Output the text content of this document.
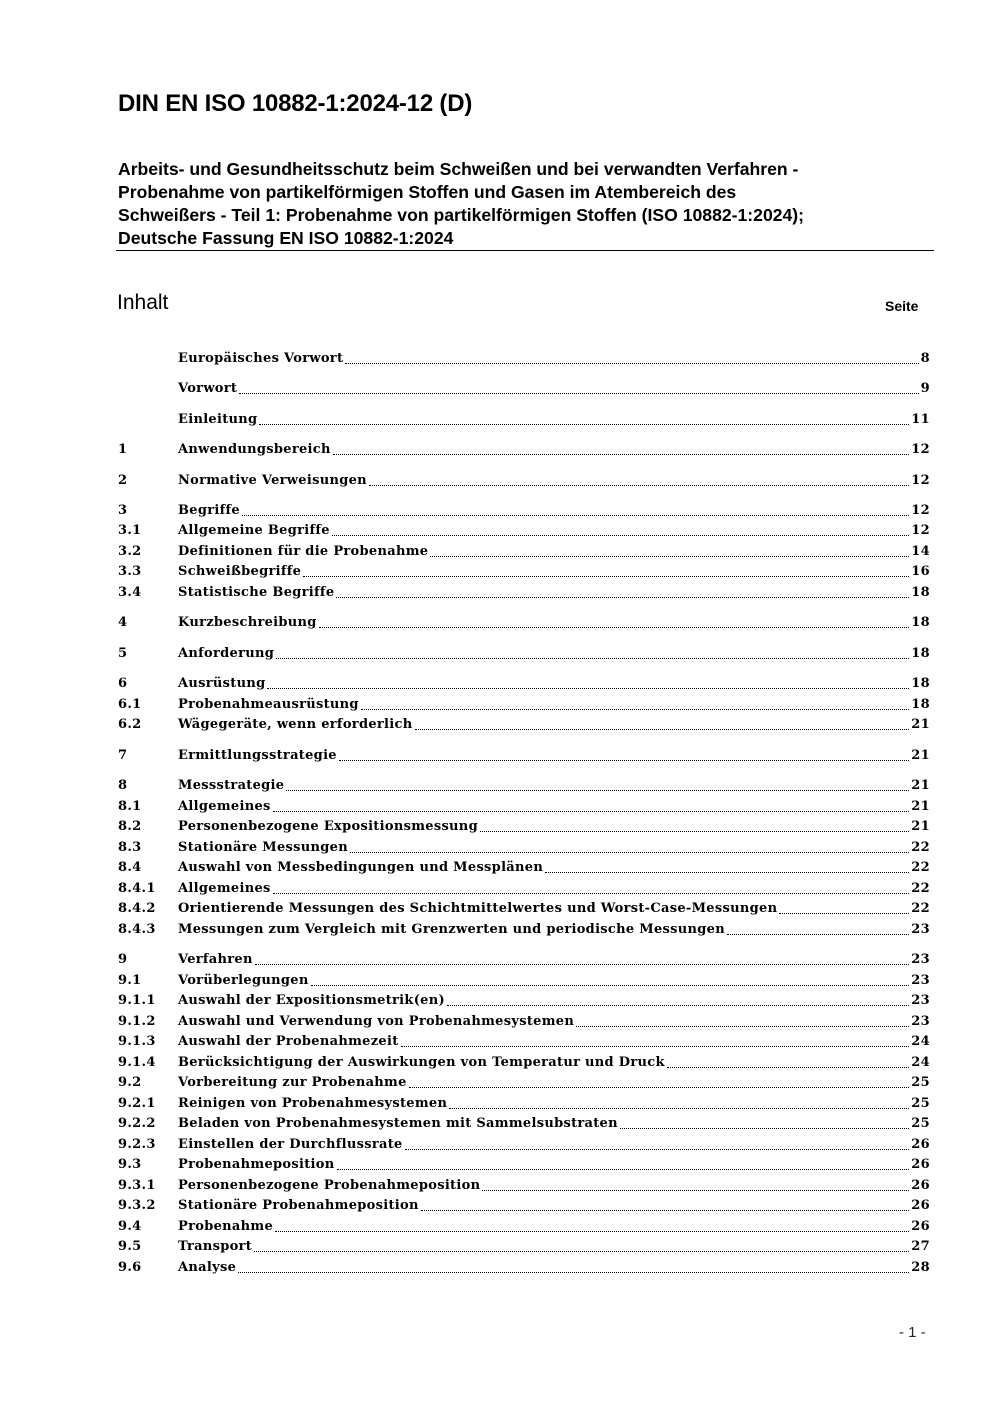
DIN EN ISO 10882-1:2024-12 (D)
Arbeits- und Gesundheitsschutz beim Schweißen und bei verwandten Verfahren -
Probenahme von partikelförmigen Stoffen und Gasen im Atembereich des
Schweißers - Teil 1: Probenahme von partikelförmigen Stoffen (ISO 10882-1:2024);
Deutsche Fassung EN ISO 10882-1:2024
Inhalt	Seite
Europäisches Vorwort	8
Vorwort	9
Einleitung	11
1	Anwendungsbereich	12
2	Normative Verweisungen	12
3	Begriffe	12
3.1	Allgemeine Begriffe	12
3.2	Definitionen für die Probenahme	14
3.3	Schweißbegriffe	16
3.4	Statistische Begriffe	18
4	Kurzbeschreibung	18
5	Anforderung	18
6	Ausrüstung	18
6.1	Probenahmeausrüstung	18
6.2	Wägegeräte, wenn erforderlich	21
7	Ermittlungsstrategie	21
8	Messstrategie	21
8.1	Allgemeines	21
8.2	Personenbezogene Expositionsmessung	21
8.3	Stationäre Messungen	22
8.4	Auswahl von Messbedingungen und Messplänen	22
8.4.1	Allgemeines	22
8.4.2	Orientierende Messungen des Schichtmittelwertes und Worst-Case-Messungen	22
8.4.3	Messungen zum Vergleich mit Grenzwerten und periodische Messungen	23
9	Verfahren	23
9.1	Vorüberlegungen	23
9.1.1	Auswahl der Expositionsmetrik(en)	23
9.1.2	Auswahl und Verwendung von Probenahmesystemen	23
9.1.3	Auswahl der Probenahmezeit	24
9.1.4	Berücksichtigung der Auswirkungen von Temperatur und Druck	24
9.2	Vorbereitung zur Probenahme	25
9.2.1	Reinigen von Probenahmesystemen	25
9.2.2	Beladen von Probenahmesystemen mit Sammelsubstraten	25
9.2.3	Einstellen der Durchflussrate	26
9.3	Probenahmeposition	26
9.3.1	Personenbezogene Probenahmeposition	26
9.3.2	Stationäre Probenahmeposition	26
9.4	Probenahme	26
9.5	Transport	27
9.6	Analyse	28
- 1 -
